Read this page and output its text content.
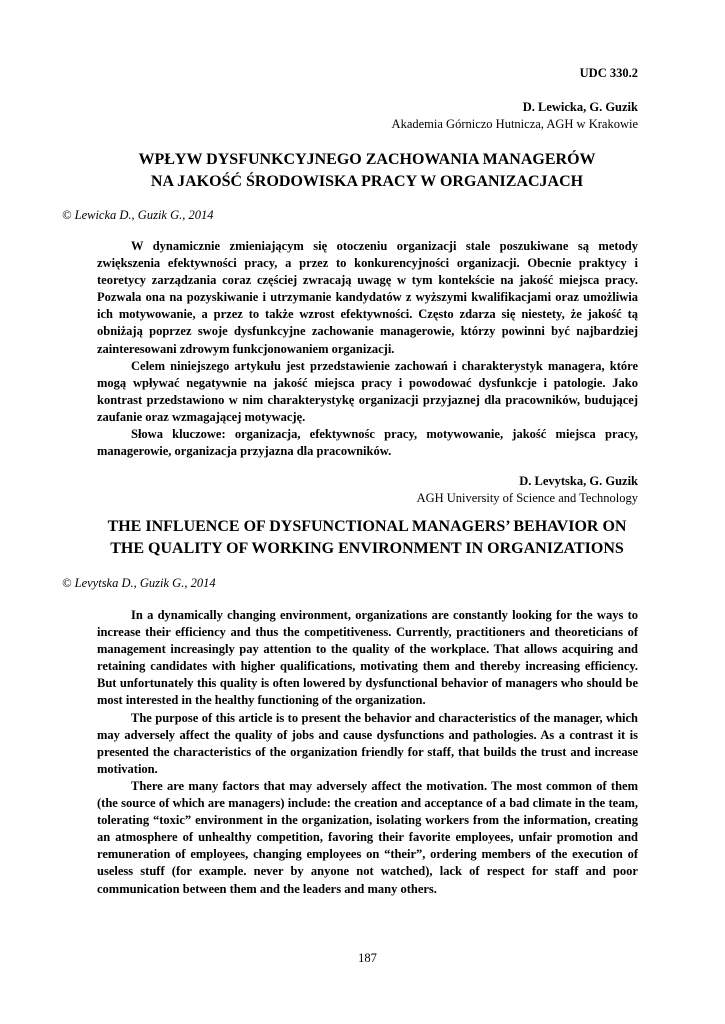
UDC 330.2
D. Lewicka, G. Guzik
Akademia Górniczo Hutnicza, AGH w Krakowie
WPŁYW DYSFUNKCYJNEGO ZACHOWANIA MANAGERÓW
NA JAKOŚĆ ŚRODOWISKA PRACY W ORGANIZACJACH
© Lewicka D., Guzik G., 2014

W dynamicznie zmieniającym się otoczeniu organizacji stale poszukiwane są metody zwiększenia efektywności pracy, a przez to konkurencyjności organizacji. Obecnie praktycy i teoretycy zarządzania coraz częściej zwracają uwagę w tym kontekście na jakość miejsca pracy. Pozwala ona na pozyskiwanie i utrzymanie kandydatów z wyższymi kwalifikacjami oraz umożliwia ich motywowanie, a przez to także wzrost efektywności. Często zdarza się niestety, że jakość tą obniżają poprzez swoje dysfunkcyjne zachowanie managerowie, którzy powinni być najbardziej zainteresowani zdrowym funkcjonowaniem organizacji.

Celem niniejszego artykułu jest przedstawienie zachowań i charakterystyk managera, które mogą wpływać negatywnie na jakość miejsca pracy i powodować dysfunkcje i patologie. Jako kontrast przedstawiono w nim charakterystykę organizacji przyjaznej dla pracowników, budującej zaufanie oraz wzmagającej motywację.

Słowa kluczowe: organizacja, efektywnośc pracy, motywowanie, jakość miejsca pracy, managerowie, organizacja przyjazna dla pracowników.

D. Levytska, G. Guzik
AGH University of Science and Technology
THE INFLUENCE OF DYSFUNCTIONAL MANAGERS’ BEHAVIOR ON
THE QUALITY OF WORKING ENVIRONMENT IN ORGANIZATIONS
© Levytska D., Guzik G., 2014

In a dynamically changing environment, organizations are constantly looking for the ways to increase their efficiency and thus the competitiveness. Currently, practitioners and theoreticians of management increasingly pay attention to the quality of the workplace. That allows acquiring and retaining candidates with higher qualifications, motivating them and thereby increasing efficiency. But unfortunately this quality is often lowered by dysfunctional behavior of managers who should be most interested in the healthy functioning of the organization.

The purpose of this article is to present the behavior and characteristics of the manager, which may adversely affect the quality of jobs and cause dysfunctions and pathologies. As a contrast it is presented the characteristics of the organization friendly for staff, that builds the trust and increase motivation.

There are many factors that may adversely affect the motivation. The most common of them (the source of which are managers) include: the creation and acceptance of a bad climate in the team, tolerating “toxic” environment in the organization, isolating workers from the information, creating an atmosphere of unhealthy competition, favoring their favorite employees, unfair promotion and remuneration of employees, changing employees on “their”, ordering members of the execution of useless stuff (for example. never by anyone not watched), lack of respect for staff and poor communication between them and the leaders and many others.

187
